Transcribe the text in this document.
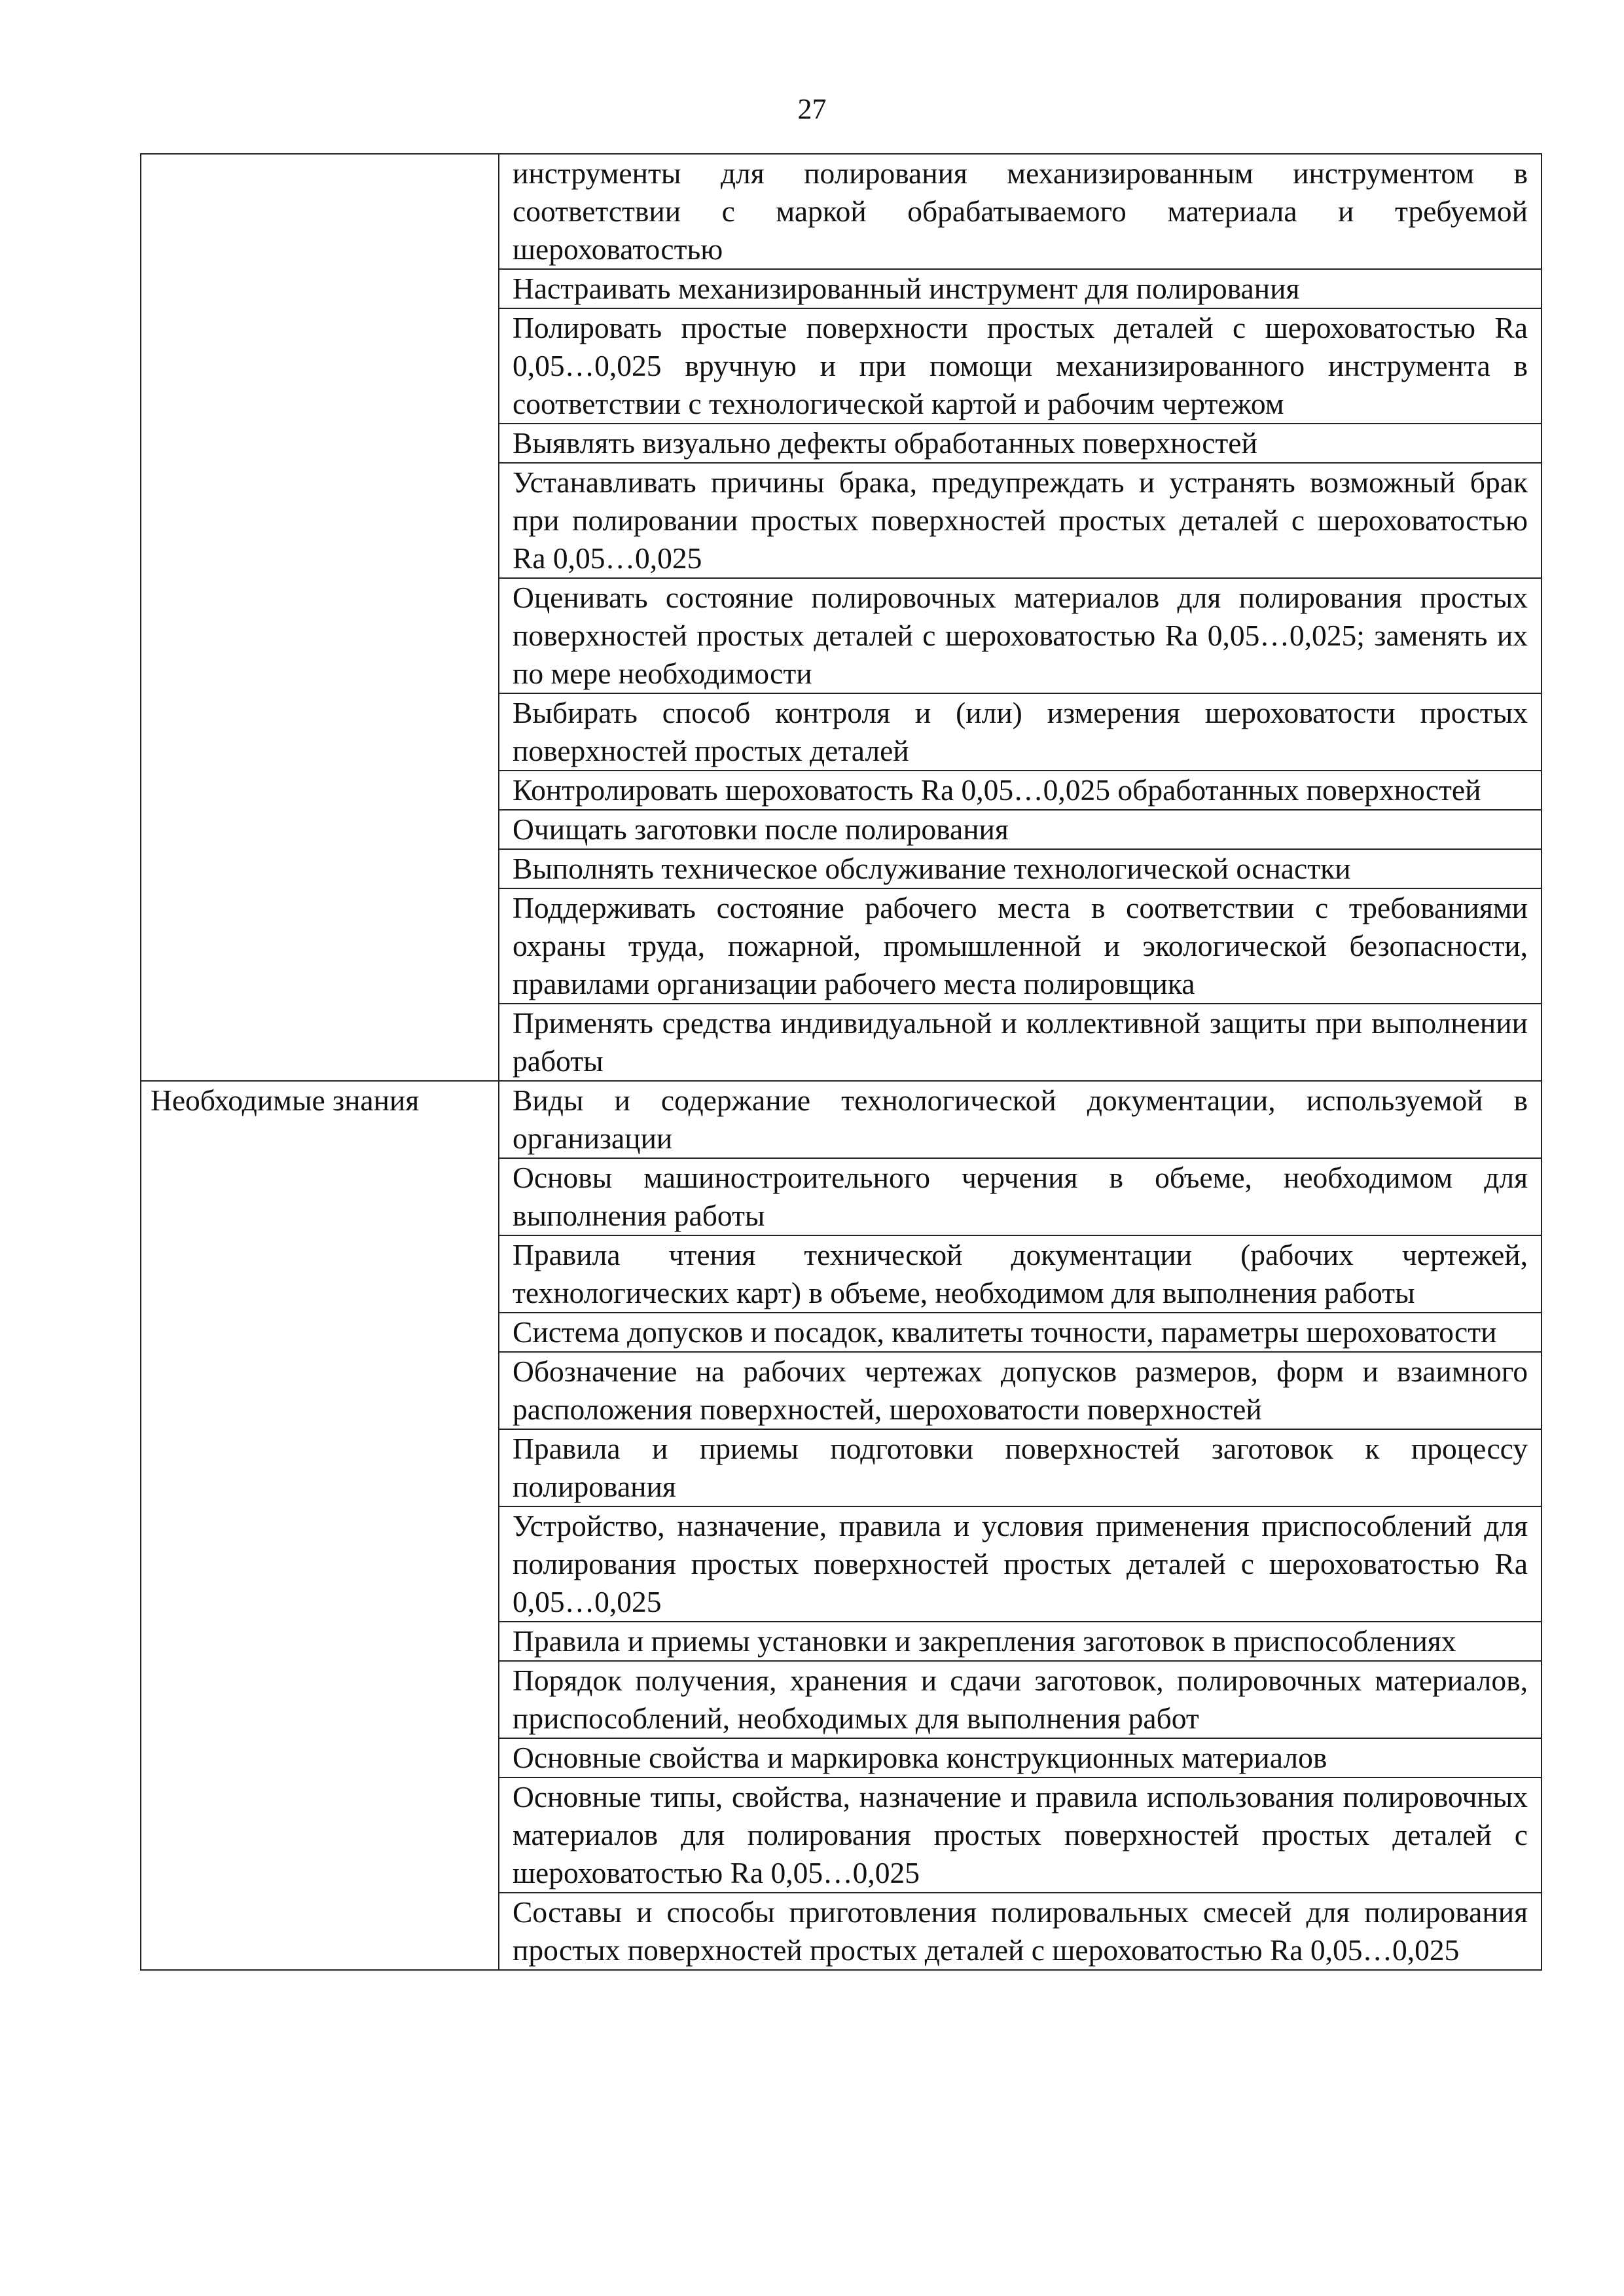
27
	инструменты для полирования механизированным инструментом в соответствии с маркой обрабатываемого материала и требуемой шероховатостью
	Настраивать механизированный инструмент для полирования
	Полировать простые поверхности простых деталей с шероховатостью Ra 0,05…0,025 вручную и при помощи механизированного инструмента в соответствии с технологической картой и рабочим чертежом
	Выявлять визуально дефекты обработанных поверхностей
	Устанавливать причины брака, предупреждать и устранять возможный брак при полировании простых поверхностей простых деталей с шероховатостью Ra 0,05…0,025
	Оценивать состояние полировочных материалов для полирования простых поверхностей простых деталей с шероховатостью Ra 0,05…0,025; заменять их по мере необходимости
	Выбирать способ контроля и (или) измерения шероховатости простых поверхностей простых деталей
	Контролировать шероховатость Ra 0,05…0,025 обработанных поверхностей
	Очищать заготовки после полирования
	Выполнять техническое обслуживание технологической оснастки
	Поддерживать состояние рабочего места в соответствии с требованиями охраны труда, пожарной, промышленной и экологической безопасности, правилами организации рабочего места полировщика
	Применять средства индивидуальной и коллективной защиты при выполнении работы

Необходимые знания	Виды и содержание технологической документации, используемой в организации
	Основы машиностроительного черчения в объеме, необходимом для выполнения работы
	Правила чтения технической документации (рабочих чертежей, технологических карт) в объеме, необходимом для выполнения работы
	Система допусков и посадок, квалитеты точности, параметры шероховатости
	Обозначение на рабочих чертежах допусков размеров, форм и взаимного расположения поверхностей, шероховатости поверхностей
	Правила и приемы подготовки поверхностей заготовок к процессу полирования
	Устройство, назначение, правила и условия применения приспособлений для полирования простых поверхностей простых деталей с шероховатостью Ra 0,05…0,025
	Правила и приемы установки и закрепления заготовок в приспособлениях
	Порядок получения, хранения и сдачи заготовок, полировочных материалов, приспособлений, необходимых для выполнения работ
	Основные свойства и маркировка конструкционных материалов
	Основные типы, свойства, назначение и правила использования полировочных материалов для полирования простых поверхностей простых деталей с шероховатостью Ra 0,05…0,025
	Составы и способы приготовления полировальных смесей для полирования простых поверхностей простых деталей с шероховатостью Ra 0,05…0,025
